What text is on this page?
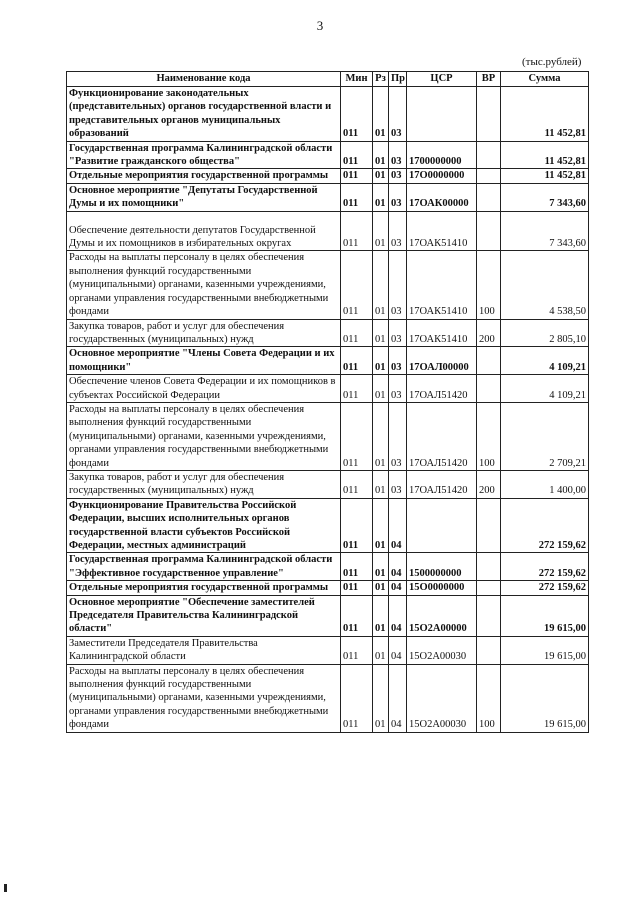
3
(тыс.рублей)
Наименование кода	Мин	Рз	Пр	ЦСР	ВР	Сумма
Функционирование законодательных (представительных) органов государственной власти и представительных органов муниципальных образований	011	01	03			11 452,81
Государственная программа Калининградской области "Развитие гражданского общества"	011	01	03	1700000000		11 452,81
Отдельные мероприятия государственной программы	011	01	03	17О0000000		11 452,81
Основное мероприятие "Депутаты Государственной Думы и их помощники"	011	01	03	17ОАК00000		7 343,60
Обеспечение деятельности депутатов Государственной Думы и их помощников в избирательных округах	011	01	03	17ОАК51410		7 343,60
Расходы на выплаты персоналу в целях обеспечения выполнения функций государственными (муниципальными) органами, казенными учреждениями, органами управления государственными внебюджетными фондами	011	01	03	17ОАК51410	100	4 538,50
Закупка товаров, работ и услуг для обеспечения государственных (муниципальных) нужд	011	01	03	17ОАК51410	200	2 805,10
Основное мероприятие "Члены Совета Федерации и их помощники"	011	01	03	17ОАЛ00000		4 109,21
Обеспечение членов Совета Федерации и их помощников в субъектах Российской Федерации	011	01	03	17ОАЛ51420		4 109,21
Расходы на выплаты персоналу в целях обеспечения выполнения функций государственными (муниципальными) органами, казенными учреждениями, органами управления государственными внебюджетными фондами	011	01	03	17ОАЛ51420	100	2 709,21
Закупка товаров, работ и услуг для обеспечения государственных (муниципальных) нужд	011	01	03	17ОАЛ51420	200	1 400,00
Функционирование Правительства Российской Федерации, высших исполнительных органов государственной власти субъектов Российской Федерации, местных администраций	011	01	04			272 159,62
Государственная программа Калининградской области "Эффективное государственное управление"	011	01	04	1500000000		272 159,62
Отдельные мероприятия государственной программы	011	01	04	15О0000000		272 159,62
Основное мероприятие "Обеспечение заместителей Председателя Правительства Калининградской области"	011	01	04	15О2А00000		19 615,00
Заместители Председателя Правительства Калининградской области	011	01	04	15О2А00030		19 615,00
Расходы на выплаты персоналу в целях обеспечения выполнения функций государственными (муниципальными) органами, казенными учреждениями, органами управления государственными внебюджетными фондами	011	01	04	15О2А00030	100	19 615,00
